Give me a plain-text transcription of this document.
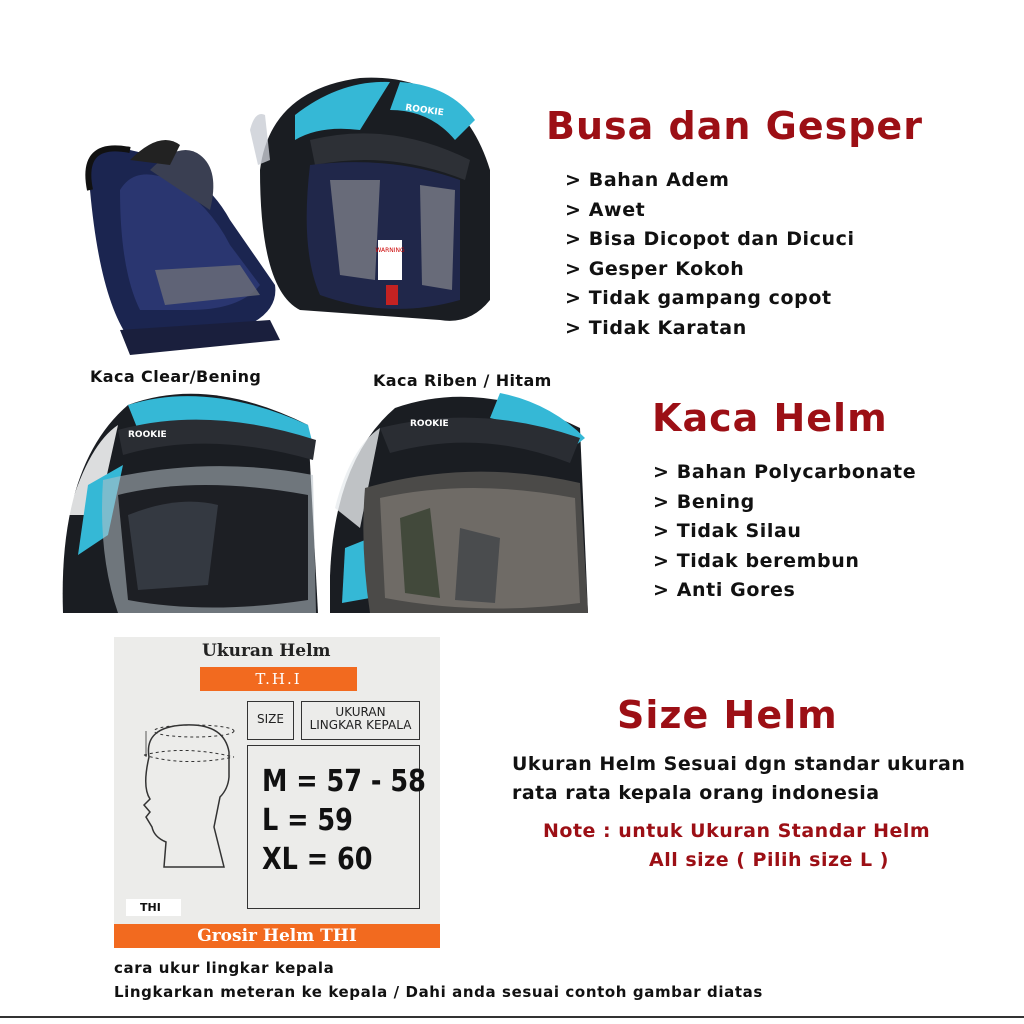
WARNING
ROOKIE	Busa dan Gesper
> Bahan Adem
> Awet
> Bisa Dicopot dan Dicuci
> Gesper Kokoh
> Tidak gampang copot
> Tidak Karatan
Kaca Clear/Bening	Kaca Riben / Hitam
ROOKIE
ROOKIE	Kaca Helm
> Bahan Polycarbonate
> Bening
> Tidak Silau
> Tidak berembun
> Anti Gores
Ukuran Helm
T.H.I
SIZE	UKURAN
LINGKAR KEPALA
M = 57 - 58
L = 59
XL = 60
THI
Grosir Helm THI
Size Helm
Ukuran Helm Sesuai dgn standar ukuran
rata rata kepala orang indonesia
Note : untuk Ukuran Standar Helm
All size ( Pilih size L )
cara ukur lingkar kepala
Lingkarkan meteran ke kepala / Dahi anda sesuai contoh gambar diatas
